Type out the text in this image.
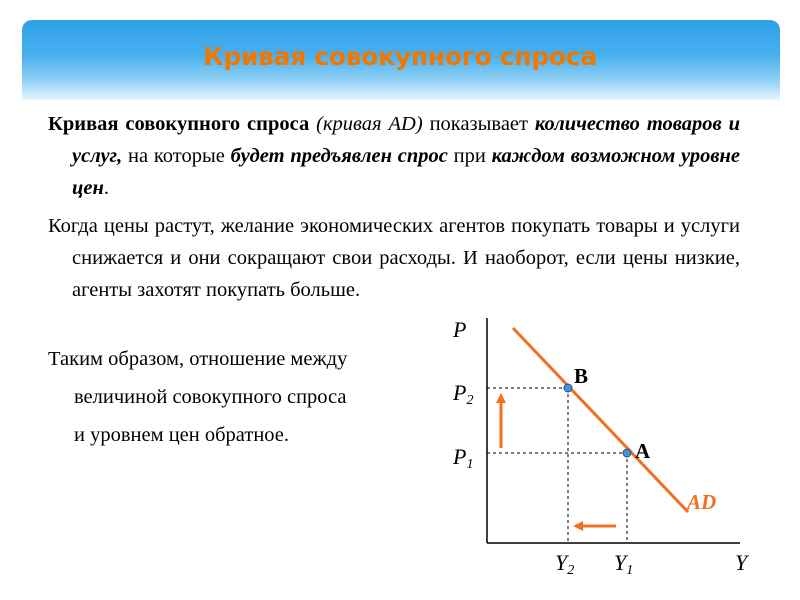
Кривая совокупного спроса

Кривая совокупного спроса (кривая AD) показывает количество товаров и услуг, на которые будет предъявлен спрос при каждом возможном уровне цен.

Когда цены растут, желание экономических агентов покупать товары и услуги снижается и они сокращают свои расходы. И наоборот, если цены низкие, агенты захотят покупать больше.

Таким образом, отношение между
величиной совокупного спроса
и уровнем цен обратное.

P
P2
P1
Y2 Y1	Y
B
A
AD
